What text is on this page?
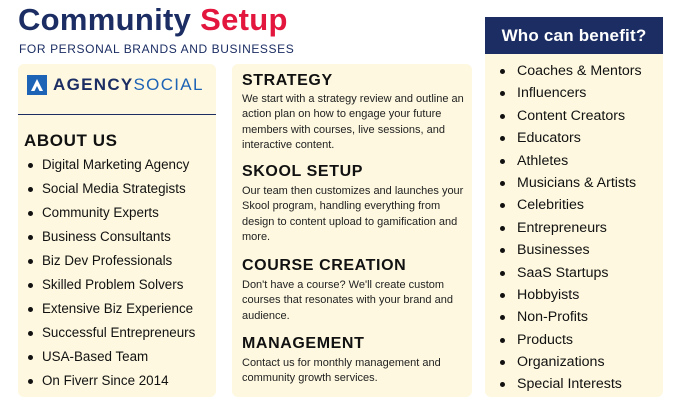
Community Setup
FOR PERSONAL BRANDS AND BUSINESSES
AGENCYSOCIAL
ABOUT US
Digital Marketing Agency
Social Media Strategists
Community Experts
Business Consultants
Biz Dev Professionals
Skilled Problem Solvers
Extensive Biz Experience
Successful Entrepreneurs
USA-Based Team
On Fiverr Since 2014
STRATEGY
We start with a strategy review and outline an action plan on how to engage your future members with courses, live sessions, and interactive content.
SKOOL SETUP
Our team then customizes and launches your Skool program, handling everything from design to content upload to gamification and more.
COURSE CREATION
Don't have a course? We'll create custom courses that resonates with your brand and audience.
MANAGEMENT
Contact us for monthly management and community growth services.
Coaches & Mentors
Influencers
Content Creators
Educators
Athletes
Musicians & Artists
Celebrities
Entrepreneurs
Businesses
SaaS Startups
Hobbyists
Non-Profits
Products
Organizations
Special Interests
Who can benefit?
